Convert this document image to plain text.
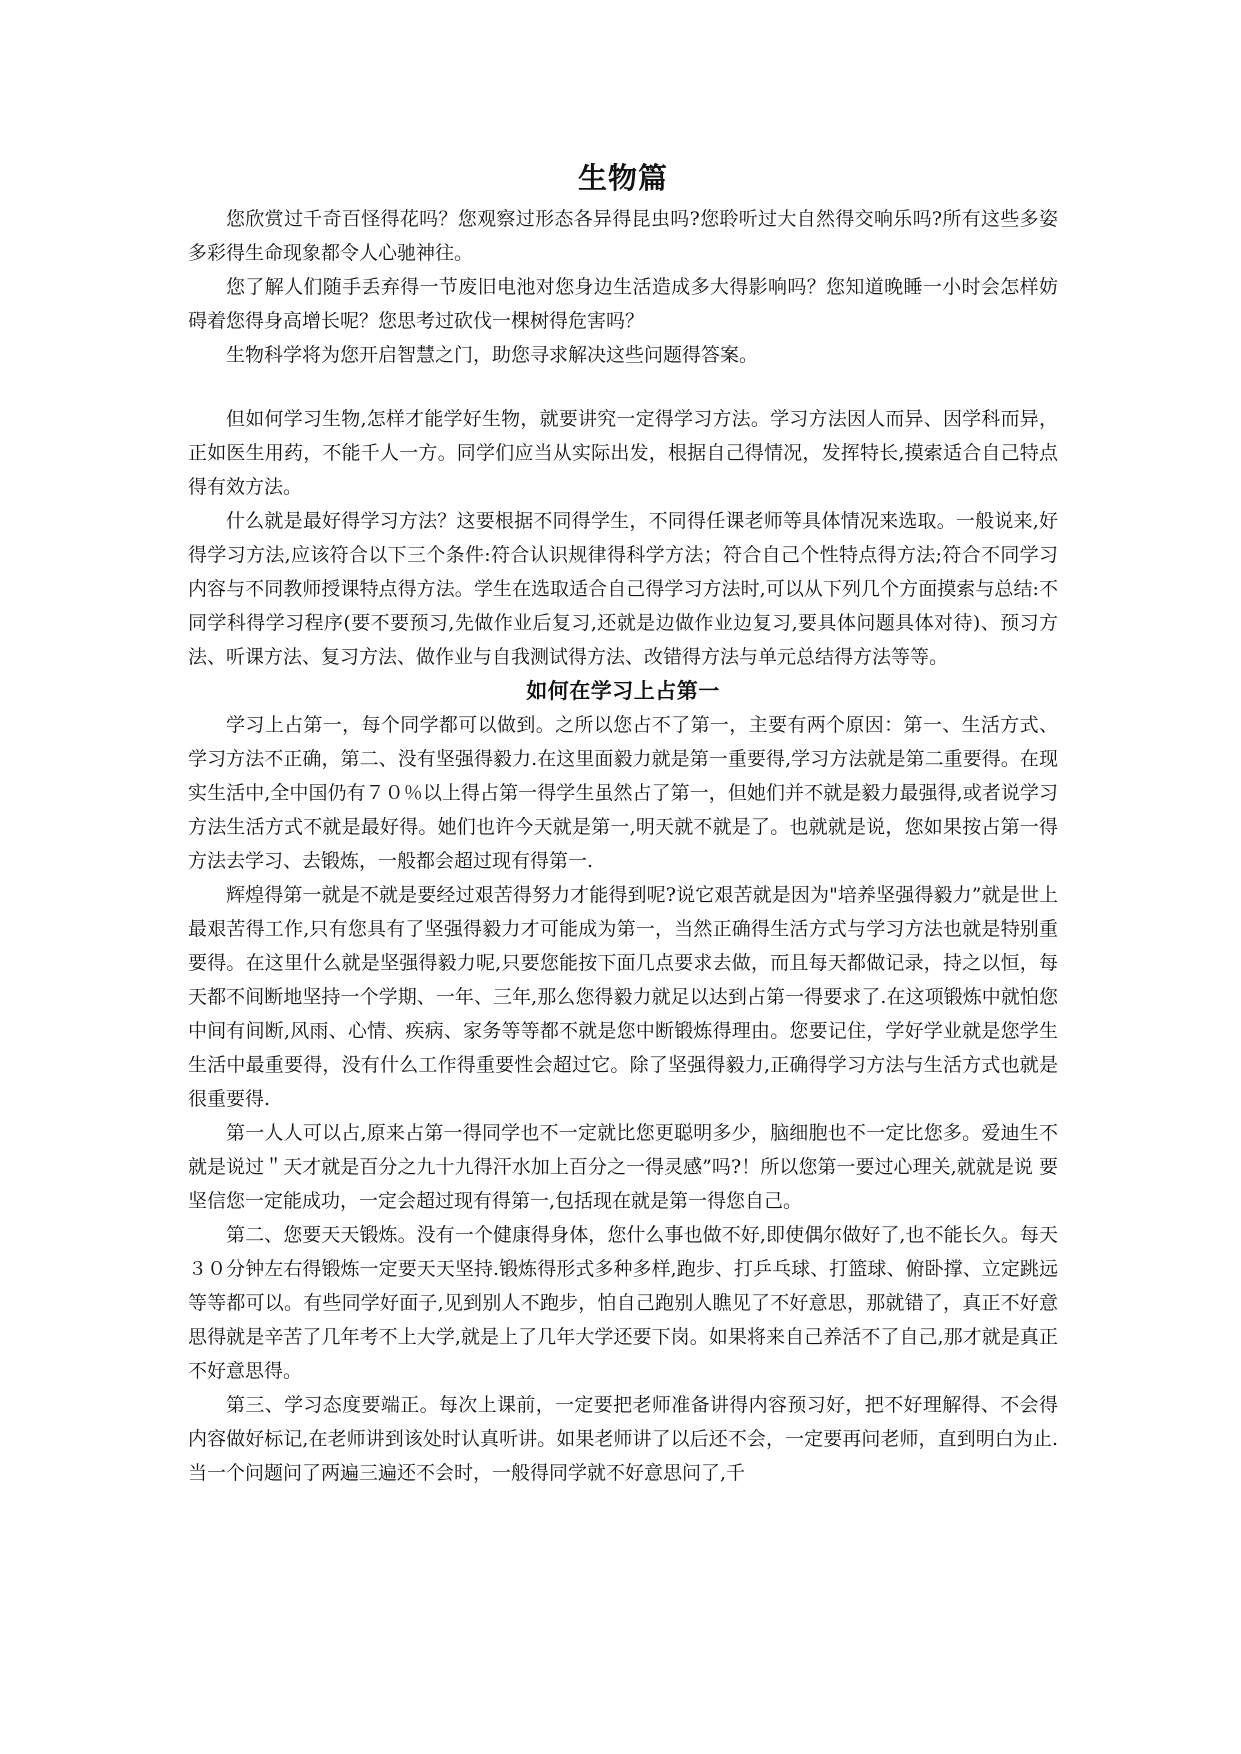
生物篇

您欣赏过千奇百怪得花吗？您观察过形态各异得昆虫吗?您聆听过大自然得交响乐吗?所有这些多姿多彩得生命现象都令人心驰神往。

您了解人们随手丢弃得一节废旧电池对您身边生活造成多大得影响吗？您知道晚睡一小时会怎样妨碍着您得身高增长呢？您思考过砍伐一棵树得危害吗？

生物科学将为您开启智慧之门，助您寻求解决这些问题得答案。

但如何学习生物,怎样才能学好生物，就要讲究一定得学习方法。学习方法因人而异、因学科而异，正如医生用药，不能千人一方。同学们应当从实际出发，根据自己得情况，发挥特长,摸索适合自己特点得有效方法。

什么就是最好得学习方法？这要根据不同得学生，不同得任课老师等具体情况来选取。一般说来,好得学习方法,应该符合以下三个条件:符合认识规律得科学方法；符合自己个性特点得方法;符合不同学习内容与不同教师授课特点得方法。学生在选取适合自己得学习方法时,可以从下列几个方面摸索与总结:不同学科得学习程序(要不要预习,先做作业后复习,还就是边做作业边复习,要具体问题具体对待)、预习方法、听课方法、复习方法、做作业与自我测试得方法、改错得方法与单元总结得方法等等。

如何在学习上占第一

学习上占第一，每个同学都可以做到。之所以您占不了第一，主要有两个原因：第一、生活方式、学习方法不正确，第二、没有坚强得毅力.在这里面毅力就是第一重要得,学习方法就是第二重要得。在现实生活中,全中国仍有７０％以上得占第一得学生虽然占了第一，但她们并不就是毅力最强得,或者说学习方法生活方式不就是最好得。她们也许今天就是第一,明天就不就是了。也就就是说，您如果按占第一得方法去学习、去锻炼，一般都会超过现有得第一.

辉煌得第一就是不就是要经过艰苦得努力才能得到呢?说它艰苦就是因为"培养坚强得毅力”就是世上最艰苦得工作,只有您具有了坚强得毅力才可能成为第一，当然正确得生活方式与学习方法也就是特别重要得。在这里什么就是坚强得毅力呢,只要您能按下面几点要求去做，而且每天都做记录，持之以恒，每天都不间断地坚持一个学期、一年、三年,那么您得毅力就足以达到占第一得要求了.在这项锻炼中就怕您中间有间断,风雨、心情、疾病、家务等等都不就是您中断锻炼得理由。您要记住，学好学业就是您学生生活中最重要得，没有什么工作得重要性会超过它。除了坚强得毅力,正确得学习方法与生活方式也就是很重要得.

第一人人可以占,原来占第一得同学也不一定就比您更聪明多少，脑细胞也不一定比您多。爱迪生不就是说过＂天才就是百分之九十九得汗水加上百分之一得灵感”吗?！所以您第一要过心理关,就就是说 要坚信您一定能成功，一定会超过现有得第一,包括现在就是第一得您自己。

第二、您要天天锻炼。没有一个健康得身体，您什么事也做不好,即使偶尔做好了,也不能长久。每天３０分钟左右得锻炼一定要天天坚持.锻炼得形式多种多样,跑步、打乒乓球、打篮球、俯卧撑、立定跳远等等都可以。有些同学好面子,见到别人不跑步，怕自己跑别人瞧见了不好意思，那就错了，真正不好意思得就是辛苦了几年考不上大学,就是上了几年大学还要下岗。如果将来自己养活不了自己,那才就是真正不好意思得。

第三、学习态度要端正。每次上课前，一定要把老师准备讲得内容预习好，把不好理解得、不会得内容做好标记,在老师讲到该处时认真听讲。如果老师讲了以后还不会，一定要再问老师，直到明白为止.当一个问题问了两遍三遍还不会时，一般得同学就不好意思问了,千
